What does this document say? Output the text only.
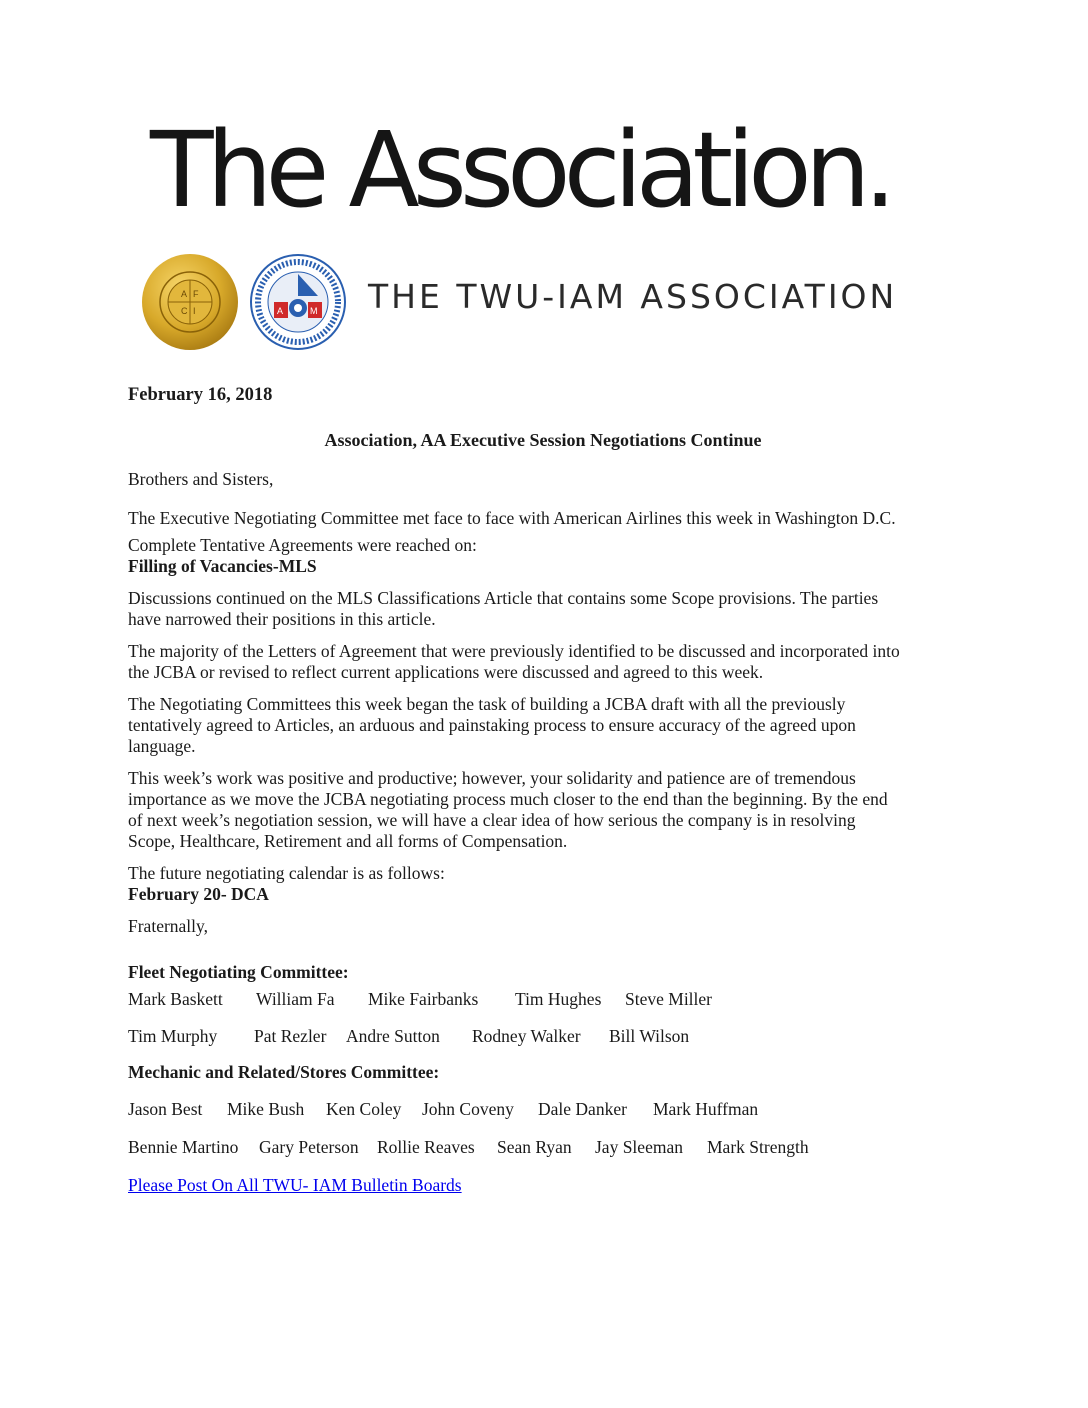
The Association.
A F
C I	A	M THE TWU-IAM ASSOCIATION

February 16, 2018

Association, AA Executive Session Negotiations Continue

Brothers and Sisters,

The Executive Negotiating Committee met face to face with American Airlines this week in Washington D.C.

Complete Tentative Agreements were reached on:

Filling of Vacancies-MLS

Discussions continued on the MLS Classifications Article that contains some Scope provisions. The parties

have narrowed their positions in this article.

The majority of the Letters of Agreement that were previously identified to be discussed and incorporated into

the JCBA or revised to reflect current applications were discussed and agreed to this week.

The Negotiating Committees this week began the task of building a JCBA draft with all the previously

tentatively agreed to Articles, an arduous and painstaking process to ensure accuracy of the agreed upon

language.

This week’s work was positive and productive; however, your solidarity and patience are of tremendous

importance as we move the JCBA negotiating process much closer to the end than the beginning. By the end

of next week’s negotiation session, we will have a clear idea of how serious the company is in resolving

Scope, Healthcare, Retirement and all forms of Compensation.

The future negotiating calendar is as follows:

February 20- DCA

Fraternally,

Fleet Negotiating Committee:

Mark Baskett	William Fa	Mike Fairbanks	Tim Hughes	Steve Miller
Tim Murphy	Pat Rezler	Andre Sutton	Rodney Walker	Bill Wilson

Mechanic and Related/Stores Committee:

Jason Best	Mike Bush	Ken Coley	John Coveny	Dale Danker	Mark Huffman
Bennie Martino	Gary Peterson	Rollie Reaves	Sean Ryan	Jay Sleeman	Mark Strength

Please Post On All TWU- IAM Bulletin Boards
